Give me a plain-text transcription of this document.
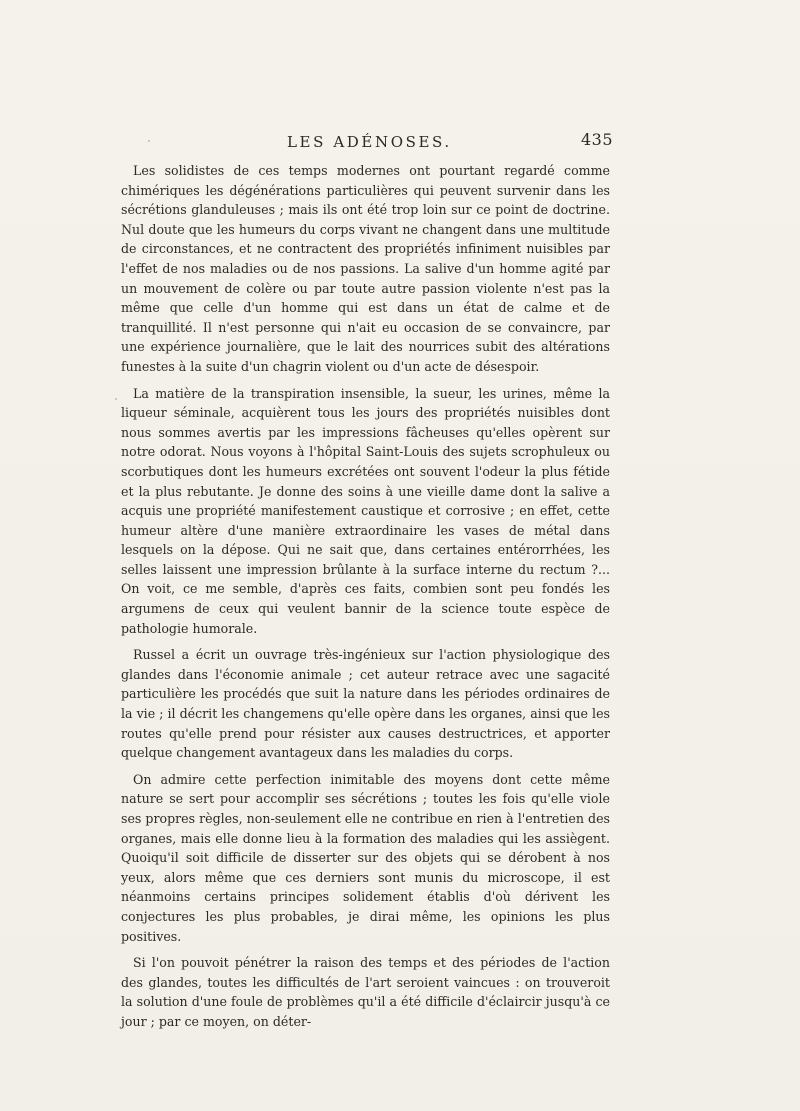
LES ADÉNOSES.	435

Les solidistes de ces temps modernes ont pourtant regardé comme chimériques les dégénérations particulières qui peuvent survenir dans les sécrétions glanduleuses ; mais ils ont été trop loin sur ce point de doctrine. Nul doute que les humeurs du corps vivant ne changent dans une multitude de circonstances, et ne contractent des propriétés infiniment nuisibles par l'effet de nos maladies ou de nos passions. La salive d'un homme agité par un mouvement de colère ou par toute autre passion violente n'est pas la même que celle d'un homme qui est dans un état de calme et de tranquillité. Il n'est personne qui n'ait eu occasion de se convaincre, par une expérience journalière, que le lait des nourrices subit des altérations funestes à la suite d'un chagrin violent ou d'un acte de désespoir.

La matière de la transpiration insensible, la sueur, les urines, même la liqueur séminale, acquièrent tous les jours des propriétés nuisibles dont nous sommes avertis par les impressions fâcheuses qu'elles opèrent sur notre odorat. Nous voyons à l'hôpital Saint-Louis des sujets scrophuleux ou scorbutiques dont les humeurs excrétées ont souvent l'odeur la plus fétide et la plus rebutante. Je donne des soins à une vieille dame dont la salive a acquis une propriété manifestement caustique et corrosive ; en effet, cette humeur altère d'une manière extraordinaire les vases de métal dans lesquels on la dépose. Qui ne sait que, dans certaines entérorrhées, les selles laissent une impression brûlante à la surface interne du rectum ?... On voit, ce me semble, d'après ces faits, combien sont peu fondés les argumens de ceux qui veulent bannir de la science toute espèce de pathologie humorale.

Russel a écrit un ouvrage très-ingénieux sur l'action physiologique des glandes dans l'économie animale ; cet auteur retrace avec une sagacité particulière les procédés que suit la nature dans les périodes ordinaires de la vie ; il décrit les changemens qu'elle opère dans les organes, ainsi que les routes qu'elle prend pour résister aux causes destructrices, et apporter quelque changement avantageux dans les maladies du corps.

On admire cette perfection inimitable des moyens dont cette même nature se sert pour accomplir ses sécrétions ; toutes les fois qu'elle viole ses propres règles, non-seulement elle ne contribue en rien à l'entretien des organes, mais elle donne lieu à la formation des maladies qui les assiègent. Quoiqu'il soit difficile de disserter sur des objets qui se dérobent à nos yeux, alors même que ces derniers sont munis du microscope, il est néanmoins certains principes solidement établis d'où dérivent les conjectures les plus probables, je dirai même, les opinions les plus positives.

Si l'on pouvoit pénétrer la raison des temps et des périodes de l'action des glandes, toutes les difficultés de l'art seroient vaincues : on trouveroit la solution d'une foule de problèmes qu'il a été difficile d'éclaircir jusqu'à ce jour ; par ce moyen, on déter-
